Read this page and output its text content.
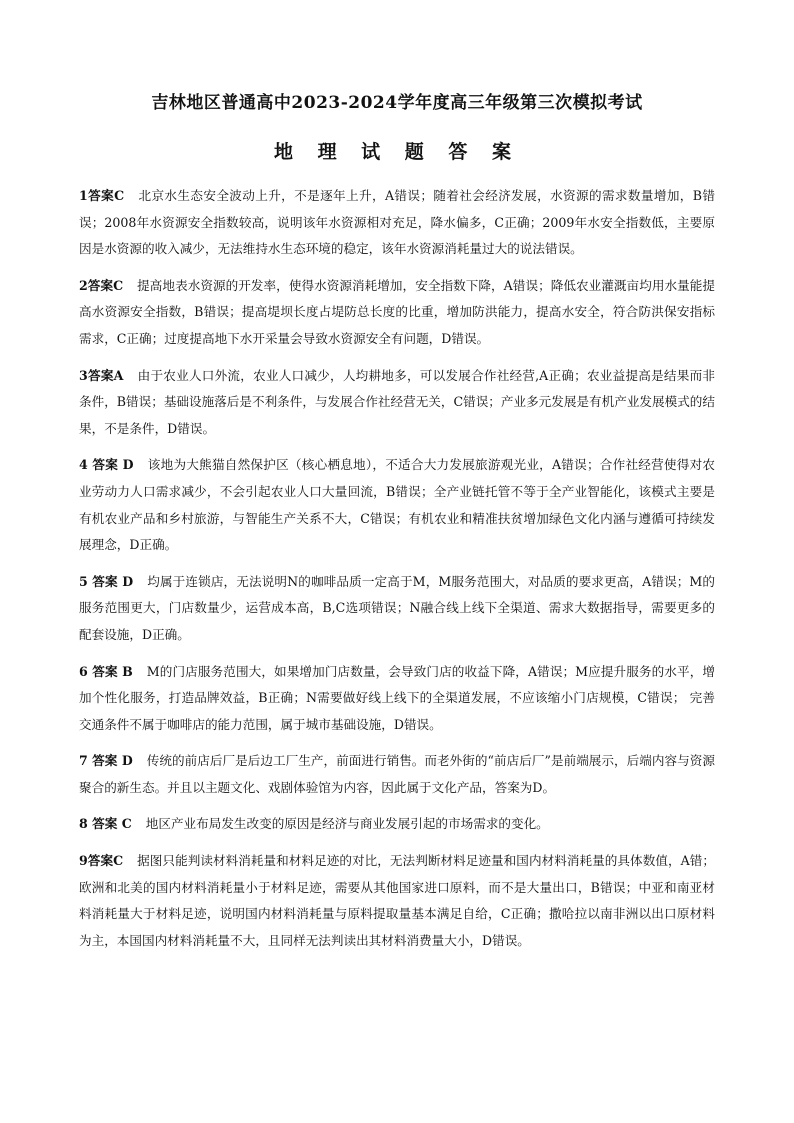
吉林地区普通高中2023-2024学年度高三年级第三次模拟考试
地 理 试 题 答 案

1答案C 北京水生态安全波动上升，不是逐年上升，A错误；随着社会经济发展，水资源的需求数量增加，B错误；2008年水资源安全指数较高，说明该年水资源相对充足，降水偏多，C正确；2009年水安全指数低，主要原因是水资源的收入减少，无法维持水生态环境的稳定，该年水资源消耗量过大的说法错误。

2答案C 提高地表水资源的开发率，使得水资源消耗增加，安全指数下降，A错误；降低农业灌溉亩均用水量能提高水资源安全指数，B错误；提高堤坝长度占堤防总长度的比重，增加防洪能力，提高水安全，符合防洪保安指标需求，C正确；过度提高地下水开采量会导致水资源安全有问题，D错误。

3答案A 由于农业人口外流，农业人口减少，人均耕地多，可以发展合作社经营,A正确；农业益提高是结果而非条件，B错误；基础设施落后是不利条件，与发展合作社经营无关，C错误；产业多元发展是有机产业发展模式的结果，不是条件，D错误。

4 答案 D 该地为大熊猫自然保护区（核心栖息地），不适合大力发展旅游观光业，A错误；合作社经营使得对农业劳动力人口需求减少，不会引起农业人口大量回流，B错误；全产业链托管不等于全产业智能化，该模式主要是有机农业产品和乡村旅游，与智能生产关系不大，C错误；有机农业和精准扶贫增加绿色文化内涵与遵循可持续发展理念，D正确。

5 答案 D 均属于连锁店，无法说明N的咖啡品质一定高于M，M服务范围大，对品质的要求更高，A错误；M的服务范围更大，门店数量少，运营成本高，B,C选项错误；N融合线上线下全渠道、需求大数据指导，需要更多的配套设施，D正确。

6 答案 B M的门店服务范围大，如果增加门店数量，会导致门店的收益下降，A错误；M应提升服务的水平，增加个性化服务，打造品牌效益，B正确；N需要做好线上线下的全渠道发展，不应该缩小门店规模，C错误； 完善交通条件不属于咖啡店的能力范围，属于城市基础设施，D错误。

7 答案 D 传统的前店后厂是后边工厂生产，前面进行销售。而老外街的“前店后厂”是前端展示，后端内容与资源聚合的新生态。并且以主题文化、戏剧体验馆为内容，因此属于文化产品，答案为D。

8 答案 C 地区产业布局发生改变的原因是经济与商业发展引起的市场需求的变化。

9答案C 据图只能判读材料消耗量和材料足迹的对比，无法判断材料足迹量和国内材料消耗量的具体数值，A错；欧洲和北美的国内材料消耗量小于材料足迹，需要从其他国家进口原料，而不是大量出口，B错误；中亚和南亚材料消耗量大于材料足迹，说明国内材料消耗量与原料提取量基本满足自给，C正确；撒哈拉以南非洲以出口原材料为主，本国国内材料消耗量不大，且同样无法判读出其材料消费量大小，D错误。
